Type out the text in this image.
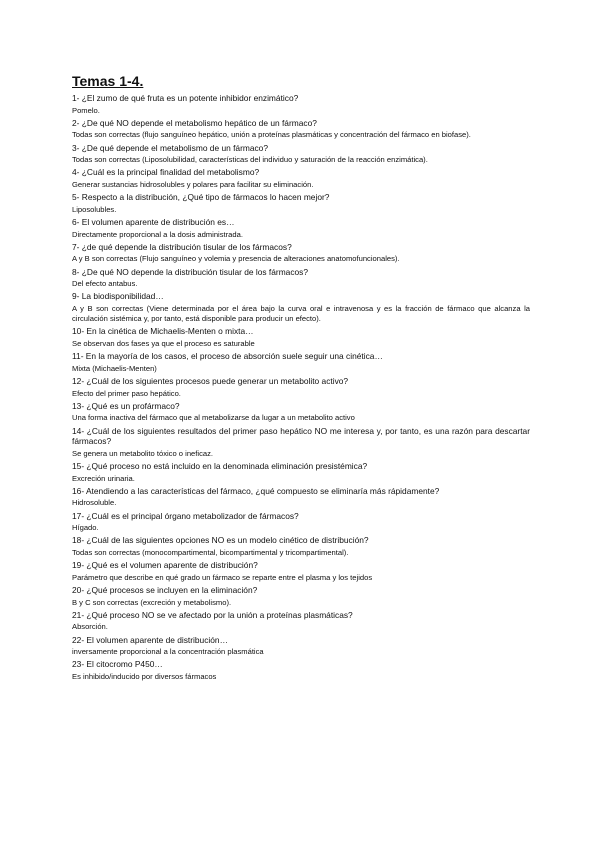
Temas 1-4.
1- ¿El zumo de qué fruta es un potente inhibidor enzimático?
Pomelo.
2- ¿De qué NO depende el metabolismo hepático de un fármaco?
Todas son correctas (flujo sanguíneo hepático, unión a proteínas plasmáticas y concentración del fármaco en biofase).
3- ¿De qué depende el metabolismo de un fármaco?
Todas son correctas (Liposolubilidad, características del individuo y saturación de la reacción enzimática).
4- ¿Cuál es la principal finalidad del metabolismo?
Generar sustancias hidrosolubles y polares para facilitar su eliminación.
5- Respecto a la distribución, ¿Qué tipo de fármacos lo hacen mejor?
Liposolubles.
6- El volumen aparente de distribución es…
Directamente proporcional a la dosis administrada.
7- ¿de qué depende la distribución tisular de los fármacos?
A y B son correctas (Flujo sanguíneo y volemia y presencia de alteraciones anatomofuncionales).
8- ¿De qué NO depende la distribución tisular de los fármacos?
Del efecto antabus.
9- La biodisponibilidad…
A y B son correctas (Viene determinada por el área bajo la curva oral e intravenosa y es la fracción de fármaco que alcanza la circulación sistémica y, por tanto, está disponible para producir un efecto).
10- En la cinética de Michaelis-Menten o mixta…
Se observan dos fases ya que el proceso es saturable
11- En la mayoría de los casos, el proceso de absorción suele seguir una cinética…
Mixta (Michaelis-Menten)
12- ¿Cuál de los siguientes procesos puede generar un metabolito activo?
Efecto del primer paso hepático.
13- ¿Qué es un profármaco?
Una forma inactiva del fármaco que al metabolizarse da lugar a un metabolito activo
14- ¿Cuál de los siguientes resultados del primer paso hepático NO me interesa y, por tanto, es una razón para descartar fármacos?
Se genera un metabolito tóxico o ineficaz.
15- ¿Qué proceso no está incluido en la denominada eliminación presistémica?
Excreción urinaria.
16- Atendiendo a las características del fármaco, ¿qué compuesto se eliminaría más rápidamente?
Hidrosoluble.
17- ¿Cuál es el principal órgano metabolizador de fármacos?
Hígado.
18- ¿Cuál de las siguientes opciones NO es un modelo cinético de distribución?
Todas son correctas (monocompartimental, bicompartimental y tricompartimental).
19- ¿Qué es el volumen aparente de distribución?
Parámetro que describe en qué grado un fármaco se reparte entre el plasma y los tejidos
20- ¿Qué procesos se incluyen en la eliminación?
B y C son correctas (excreción y metabolismo).
21- ¿Qué proceso NO se ve afectado por la unión a proteínas plasmáticas?
Absorción.
22- El volumen aparente de distribución…
inversamente proporcional a la concentración plasmática
23- El citocromo P450…
Es inhibido/inducido por diversos fármacos
